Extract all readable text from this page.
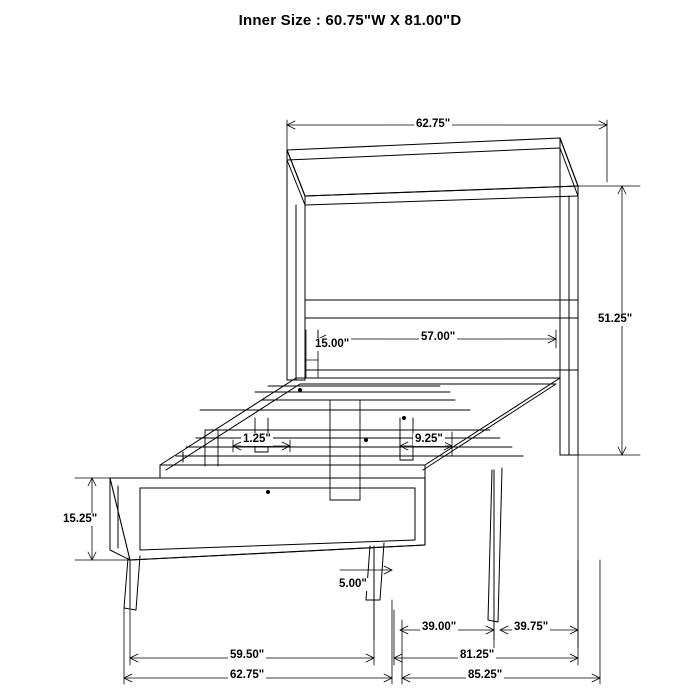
Inner Size : 60.75"W X 81.00"D
62.75"
51.25"
57.00"
15.00"
1.25"	9.25"
15.25"
5.00"
39.00"	39.75"
59.50"
62.75"
81.25"
85.25"
